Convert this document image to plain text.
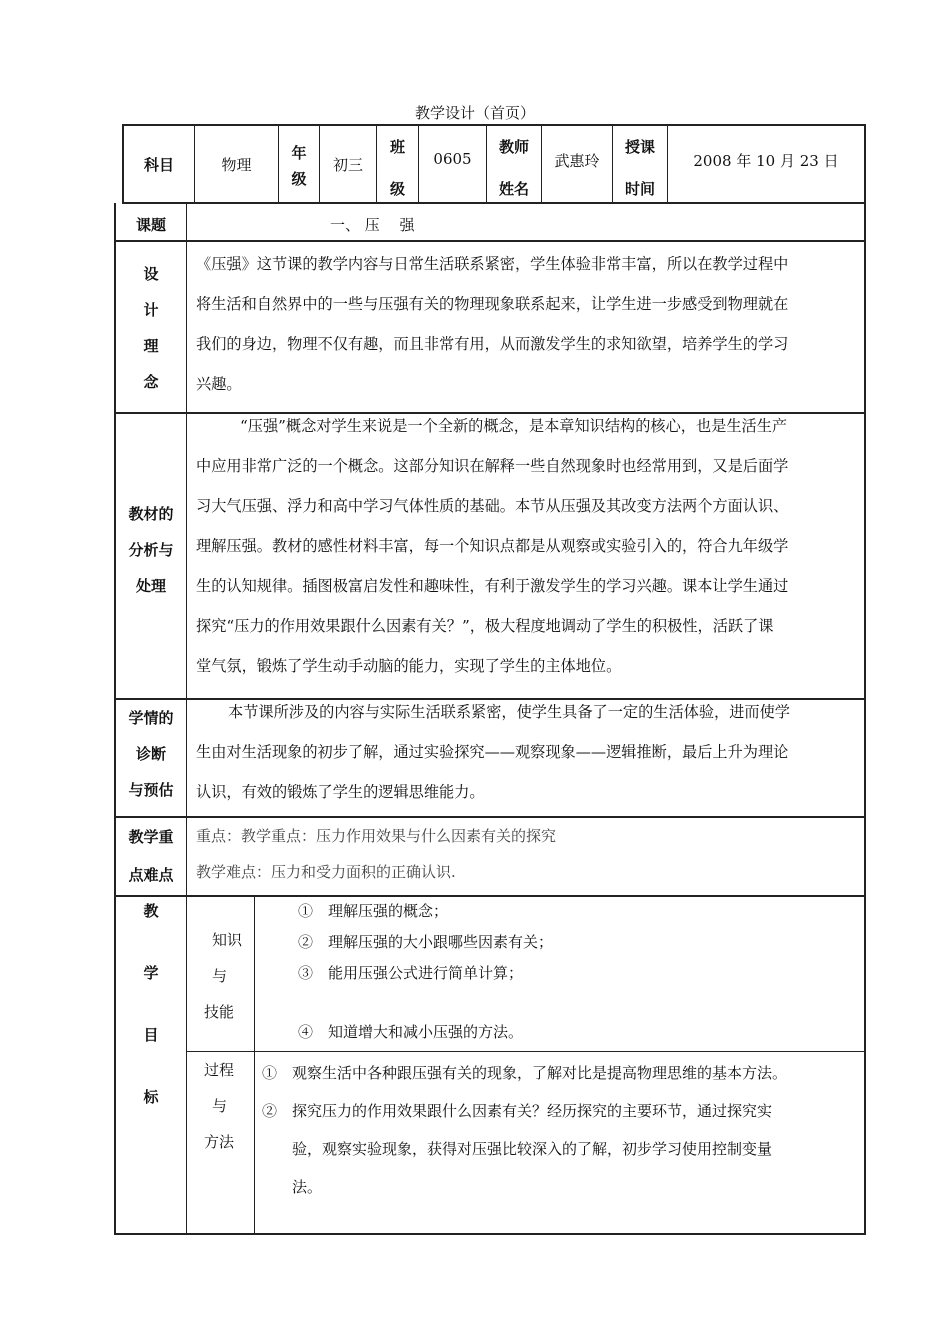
教学设计（首页）
科目	物理
年
级
初三
班
级
0605
教师
姓名
武惠玲
授课
时间
2008 年 10 月 23 日
课题	一、 压　 强
设
计
理
念
《压强》这节课的教学内容与日常生活联系紧密，学生体验非常丰富，所以在教学过程中
将生活和自然界中的一些与压强有关的物理现象联系起来，让学生进一步感受到物理就在
我们的身边，物理不仅有趣，而且非常有用，从而激发学生的求知欲望，培养学生的学习
兴趣。
教材的
分析与
处理
“压强”概念对学生来说是一个全新的概念，是本章知识结构的核心，也是生活生产
中应用非常广泛的一个概念。这部分知识在解释一些自然现象时也经常用到，又是后面学
习大气压强、浮力和高中学习气体性质的基础。本节从压强及其改变方法两个方面认识、
理解压强。教材的感性材料丰富，每一个知识点都是从观察或实验引入的，符合九年级学
生的认知规律。插图极富启发性和趣味性，有利于激发学生的学习兴趣。课本让学生通过
探究“压力的作用效果跟什么因素有关？”，极大程度地调动了学生的积极性，活跃了课
堂气氛，锻炼了学生动手动脑的能力，实现了学生的主体地位。
学情的
诊断
与预估
本节课所涉及的内容与实际生活联系紧密，使学生具备了一定的生活体验，进而使学
生由对生活现象的初步了解，通过实验探究——观察现象——逻辑推断，最后上升为理论
认识，有效的锻炼了学生的逻辑思维能力。
教学重
点难点
重点：教学重点：压力作用效果与什么因素有关的探究
教学难点：压力和受力面积的正确认识.
教
学
目
标
知识
与
技能
①　理解压强的概念；
②　理解压强的大小跟哪些因素有关；
③　能用压强公式进行简单计算；
④　知道增大和减小压强的方法。
过程
与
方法
①　观察生活中各种跟压强有关的现象，了解对比是提高物理思维的基本方法。
②　探究压力的作用效果跟什么因素有关？经历探究的主要环节，通过探究实
验，观察实验现象，获得对压强比较深入的了解，初步学习使用控制变量
法。
